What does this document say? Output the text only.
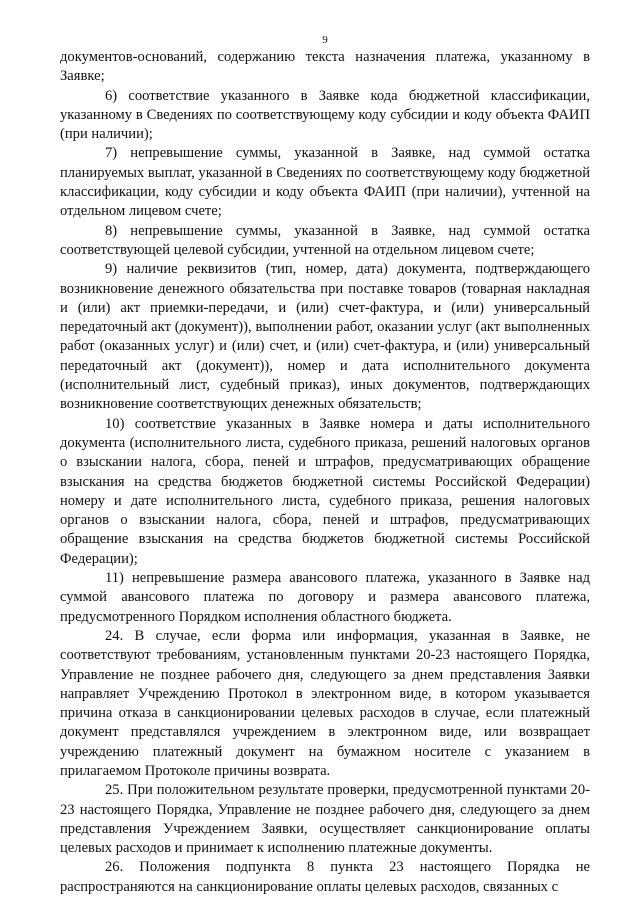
9

документов-оснований, содержанию текста назначения платежа, указанному в Заявке;

6) соответствие указанного в Заявке кода бюджетной классификации, указанному в Сведениях по соответствующему коду субсидии и коду объекта ФАИП (при наличии);

7) непревышение суммы, указанной в Заявке, над суммой остатка планируемых выплат, указанной в Сведениях по соответствующему коду бюджетной классификации, коду субсидии и коду объекта ФАИП (при наличии), учтенной на отдельном лицевом счете;

8) непревышение суммы, указанной в Заявке, над суммой остатка соответствующей целевой субсидии, учтенной на отдельном лицевом счете;

9) наличие реквизитов (тип, номер, дата) документа, подтверждающего возникновение денежного обязательства при поставке товаров (товарная накладная и (или) акт приемки-передачи, и (или) счет-фактура, и (или) универсальный передаточный акт (документ)), выполнении работ, оказании услуг (акт выполненных работ (оказанных услуг) и (или) счет, и (или) счет-фактура, и (или) универсальный передаточный акт (документ)), номер и дата исполнительного документа (исполнительный лист, судебный приказ), иных документов, подтверждающих возникновение соответствующих денежных обязательств;

10) соответствие указанных в Заявке номера и даты исполнительного документа (исполнительного листа, судебного приказа, решений налоговых органов о взыскании налога, сбора, пеней и штрафов, предусматривающих обращение взыскания на средства бюджетов бюджетной системы Российской Федерации) номеру и дате исполнительного листа, судебного приказа, решения налоговых органов о взыскании налога, сбора, пеней и штрафов, предусматривающих обращение взыскания на средства бюджетов бюджетной системы Российской Федерации);

11) непревышение размера авансового платежа, указанного в Заявке над суммой авансового платежа по договору и размера авансового платежа, предусмотренного Порядком исполнения областного бюджета.

24. В случае, если форма или информация, указанная в Заявке, не соответствуют требованиям, установленным пунктами 20-23 настоящего Порядка, Управление не позднее рабочего дня, следующего за днем представления Заявки направляет Учреждению Протокол в электронном виде, в котором указывается причина отказа в санкционировании целевых расходов в случае, если платежный документ представлялся учреждением в электронном виде, или возвращает учреждению платежный документ на бумажном носителе с указанием в прилагаемом Протоколе причины возврата.

25. При положительном результате проверки, предусмотренной пунктами 20-23 настоящего Порядка, Управление не позднее рабочего дня, следующего за днем представления Учреждением Заявки, осуществляет санкционирование оплаты целевых расходов и принимает к исполнению платежные документы.

26. Положения подпункта 8 пункта 23 настоящего Порядка не распространяются на санкционирование оплаты целевых расходов, связанных с
